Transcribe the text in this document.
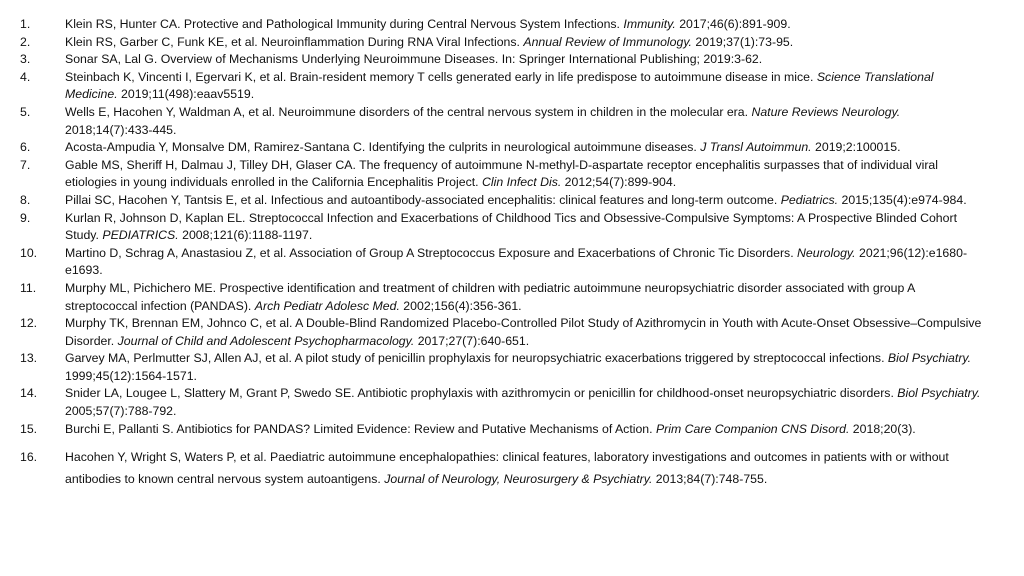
1.	Klein RS, Hunter CA. Protective and Pathological Immunity during Central Nervous System Infections. Immunity. 2017;46(6):891-909.
2.	Klein RS, Garber C, Funk KE, et al. Neuroinflammation During RNA Viral Infections. Annual Review of Immunology. 2019;37(1):73-95.
3.	Sonar SA, Lal G. Overview of Mechanisms Underlying Neuroimmune Diseases. In: Springer International Publishing; 2019:3-62.
4.	Steinbach K, Vincenti I, Egervari K, et al. Brain-resident memory T cells generated early in life predispose to autoimmune disease in mice. Science Translational Medicine. 2019;11(498):eaav5519.
5.	Wells E, Hacohen Y, Waldman A, et al. Neuroimmune disorders of the central nervous system in children in the molecular era. Nature Reviews Neurology. 2018;14(7):433-445.
6.	Acosta-Ampudia Y, Monsalve DM, Ramirez-Santana C. Identifying the culprits in neurological autoimmune diseases. J Transl Autoimmun. 2019;2:100015.
7.	Gable MS, Sheriff H, Dalmau J, Tilley DH, Glaser CA. The frequency of autoimmune N-methyl-D-aspartate receptor encephalitis surpasses that of individual viral etiologies in young individuals enrolled in the California Encephalitis Project. Clin Infect Dis. 2012;54(7):899-904.
8.	Pillai SC, Hacohen Y, Tantsis E, et al. Infectious and autoantibody-associated encephalitis: clinical features and long-term outcome. Pediatrics. 2015;135(4):e974-984.
9.	Kurlan R, Johnson D, Kaplan EL. Streptococcal Infection and Exacerbations of Childhood Tics and Obsessive-Compulsive Symptoms: A Prospective Blinded Cohort Study. PEDIATRICS. 2008;121(6):1188-1197.
10.	Martino D, Schrag A, Anastasiou Z, et al. Association of Group A Streptococcus Exposure and Exacerbations of Chronic Tic Disorders. Neurology. 2021;96(12):e1680-e1693.
11.	Murphy ML, Pichichero ME. Prospective identification and treatment of children with pediatric autoimmune neuropsychiatric disorder associated with group A streptococcal infection (PANDAS). Arch Pediatr Adolesc Med. 2002;156(4):356-361.
12.	Murphy TK, Brennan EM, Johnco C, et al. A Double-Blind Randomized Placebo-Controlled Pilot Study of Azithromycin in Youth with Acute-Onset Obsessive–Compulsive Disorder. Journal of Child and Adolescent Psychopharmacology. 2017;27(7):640-651.
13.	Garvey MA, Perlmutter SJ, Allen AJ, et al. A pilot study of penicillin prophylaxis for neuropsychiatric exacerbations triggered by streptococcal infections. Biol Psychiatry. 1999;45(12):1564-1571.
14.	Snider LA, Lougee L, Slattery M, Grant P, Swedo SE. Antibiotic prophylaxis with azithromycin or penicillin for childhood-onset neuropsychiatric disorders. Biol Psychiatry. 2005;57(7):788-792.
15.	Burchi E, Pallanti S. Antibiotics for PANDAS? Limited Evidence: Review and Putative Mechanisms of Action. Prim Care Companion CNS Disord. 2018;20(3).
16.	Hacohen Y, Wright S, Waters P, et al. Paediatric autoimmune encephalopathies: clinical features, laboratory investigations and outcomes in patients with or without antibodies to known central nervous system autoantigens. Journal of Neurology, Neurosurgery & Psychiatry. 2013;84(7):748-755.
